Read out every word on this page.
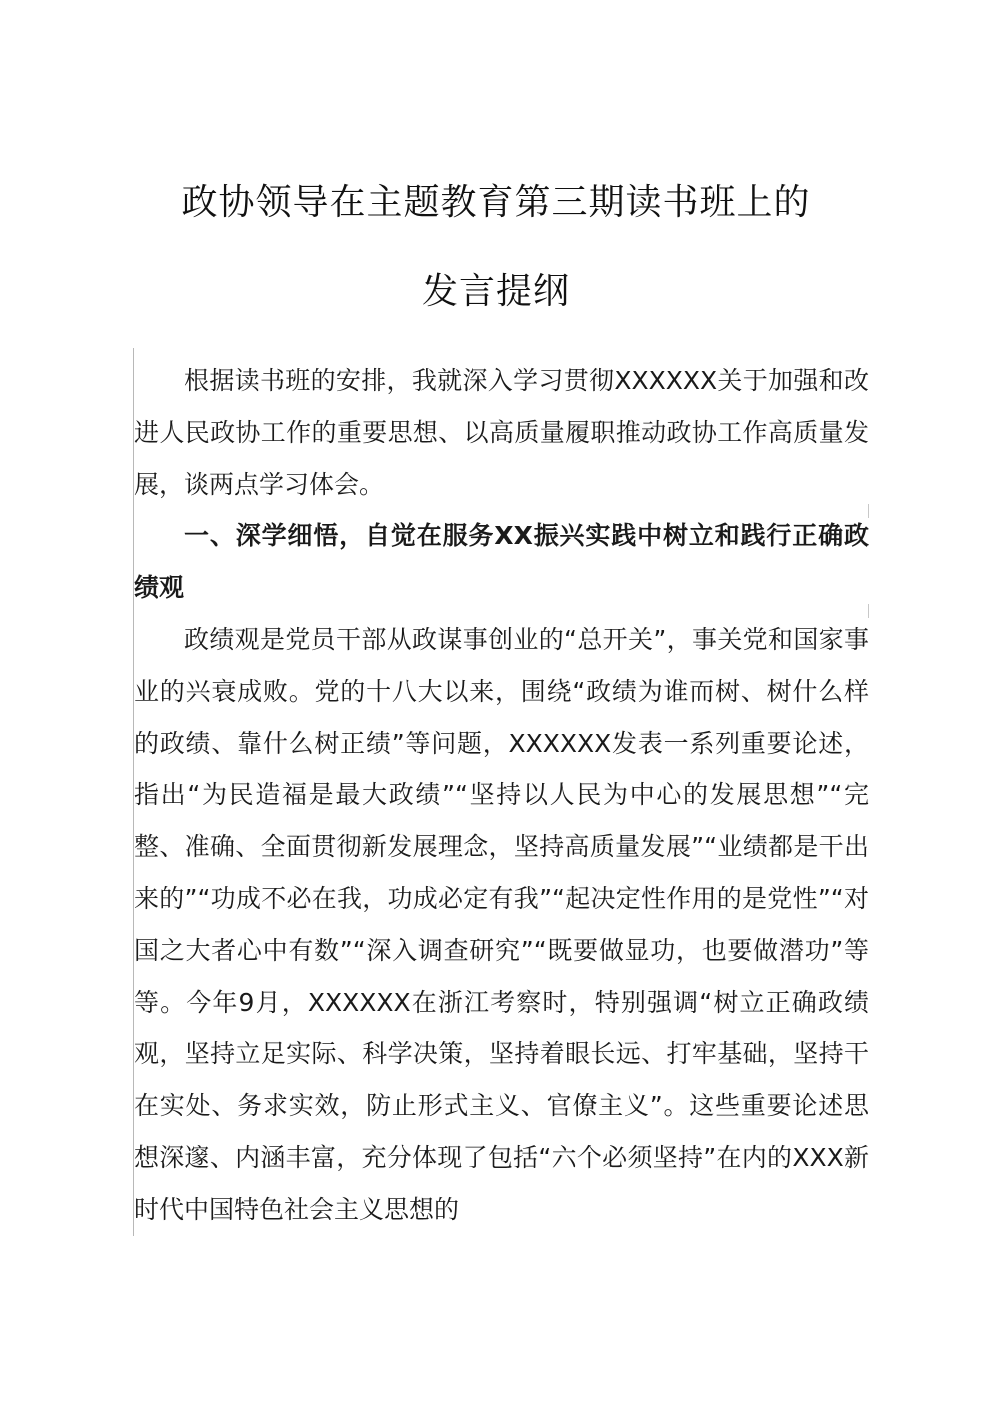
政协领导在主题教育第三期读书班上的
发言提纲

根据读书班的安排，我就深入学习贯彻XXXXXX关于加强和改进人民政协工作的重要思想、以高质量履职推动政协工作高质量发展，谈两点学习体会。

一、深学细悟，自觉在服务XX振兴实践中树立和践行正确政绩观

政绩观是党员干部从政谋事创业的“总开关”，事关党和国家事业的兴衰成败。党的十八大以来，围绕“政绩为谁而树、树什么样的政绩、靠什么树正绩”等问题，XXXXXX发表一系列重要论述，指出“为民造福是最大政绩”“坚持以人民为中心的发展思想”“完整、准确、全面贯彻新发展理念，坚持高质量发展”“业绩都是干出来的”“功成不必在我，功成必定有我”“起决定性作用的是党性”“对国之大者心中有数”“深入调查研究”“既要做显功，也要做潜功”等等。今年9月，XXXXXX在浙江考察时，特别强调“树立正确政绩观，坚持立足实际、科学决策，坚持着眼长远、打牢基础，坚持干在实处、务求实效，防止形式主义、官僚主义”。这些重要论述思想深邃、内涵丰富，充分体现了包括“六个必须坚持”在内的XXX新时代中国特色社会主义思想的
